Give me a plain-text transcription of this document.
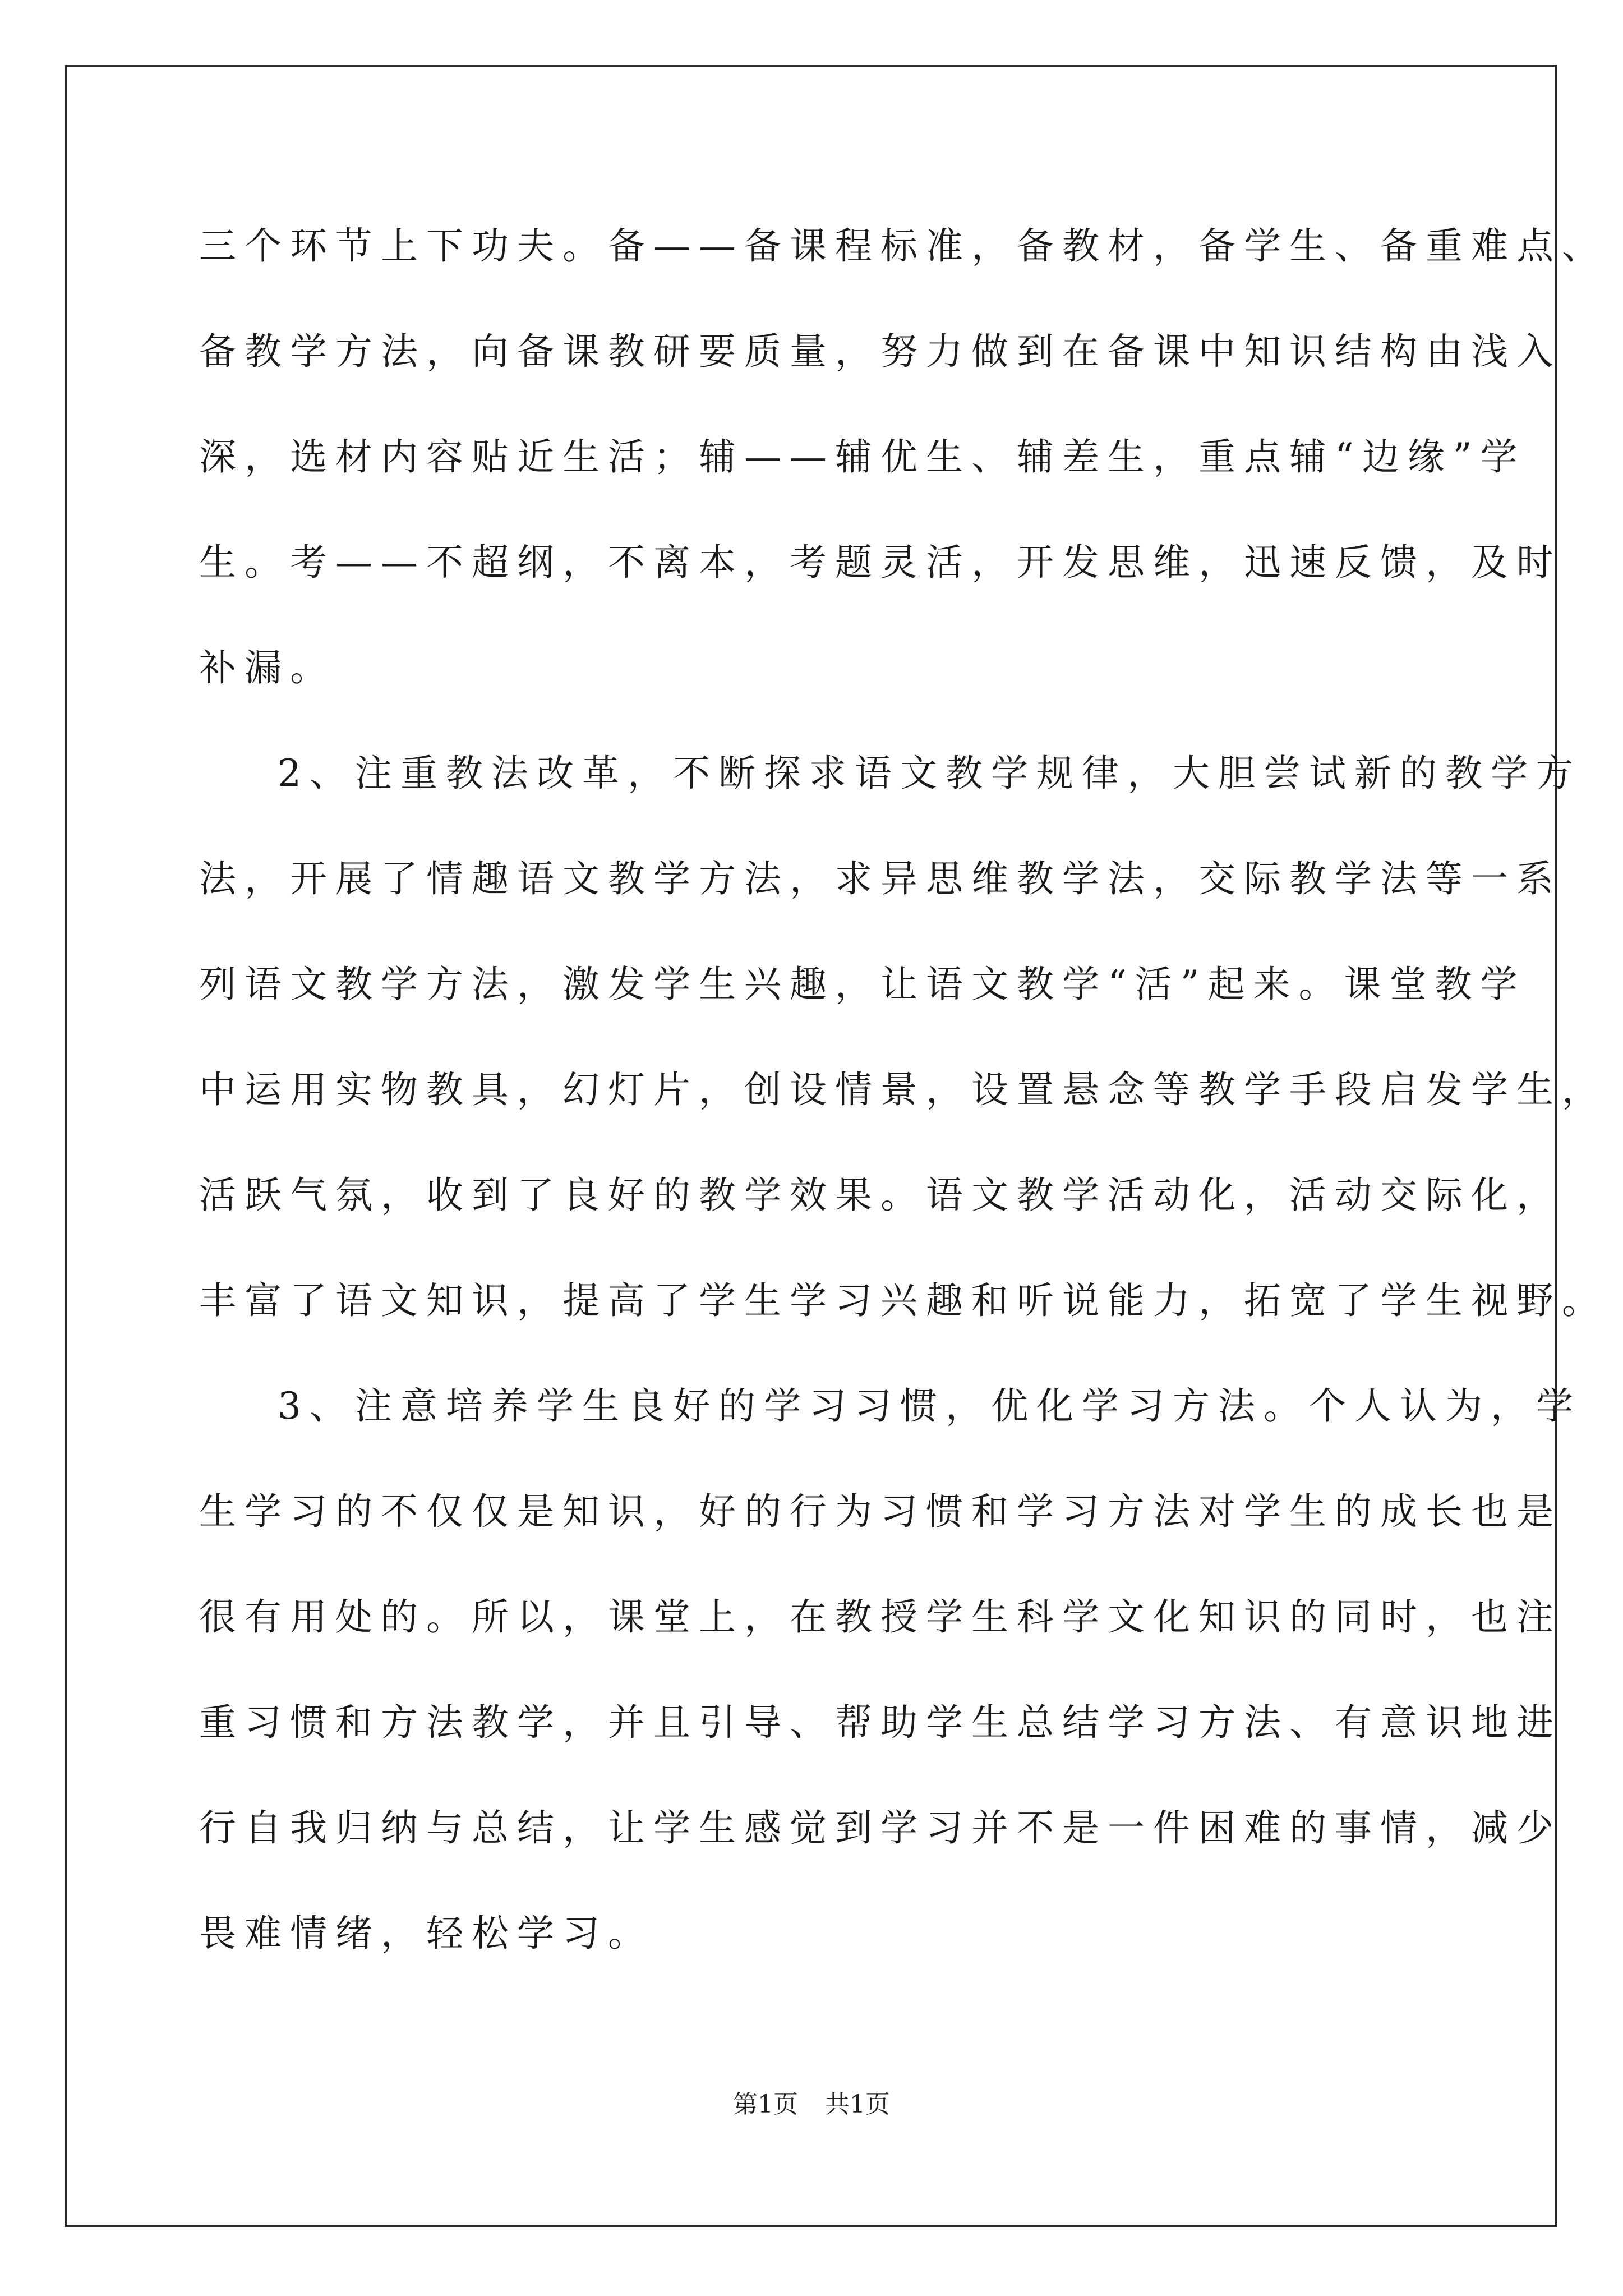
三个环节上下功夫。备——备课程标准，备教材，备学生、备重难点、
备教学方法，向备课教研要质量，努力做到在备课中知识结构由浅入
深，选材内容贴近生活；辅——辅优生、辅差生，重点辅“边缘”学
生。考——不超纲，不离本，考题灵活，开发思维，迅速反馈，及时
补漏。
2、注重教法改革，不断探求语文教学规律，大胆尝试新的教学方
法，开展了情趣语文教学方法，求异思维教学法，交际教学法等一系
列语文教学方法，激发学生兴趣，让语文教学“活”起来。课堂教学
中运用实物教具，幻灯片，创设情景，设置悬念等教学手段启发学生，
活跃气氛，收到了良好的教学效果。语文教学活动化，活动交际化，
丰富了语文知识，提高了学生学习兴趣和听说能力，拓宽了学生视野。
3、注意培养学生良好的学习习惯，优化学习方法。个人认为，学
生学习的不仅仅是知识，好的行为习惯和学习方法对学生的成长也是
很有用处的。所以，课堂上，在教授学生科学文化知识的同时，也注
重习惯和方法教学，并且引导、帮助学生总结学习方法、有意识地进
行自我归纳与总结，让学生感觉到学习并不是一件困难的事情，减少
畏难情绪，轻松学习。
第1页 共1页
